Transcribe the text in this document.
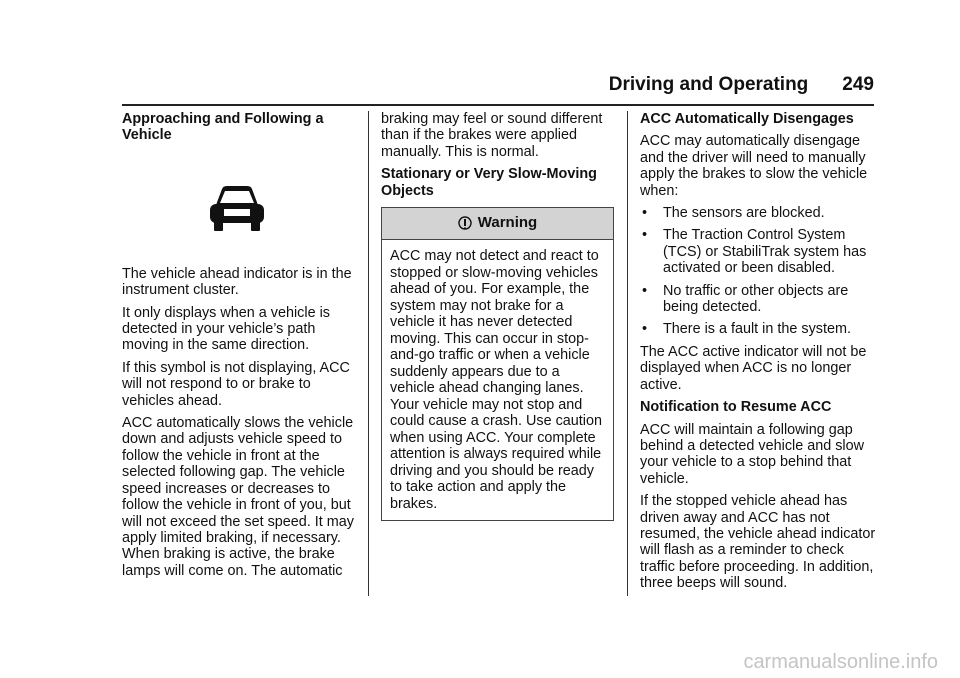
Driving and Operating 249
Approaching and Following a Vehicle

The vehicle ahead indicator is in the instrument cluster.

It only displays when a vehicle is detected in your vehicle’s path moving in the same direction.

If this symbol is not displaying, ACC will not respond to or brake to vehicles ahead.

ACC automatically slows the vehicle down and adjusts vehicle speed to follow the vehicle in front at the selected following gap. The vehicle speed increases or decreases to follow the vehicle in front of you, but will not exceed the set speed. It may apply limited braking, if necessary. When braking is active, the brake lamps will come on. The automatic

braking may feel or sound different than if the brakes were applied manually. This is normal.

Stationary or Very Slow-Moving Objects
Warning
ACC may not detect and react to stopped or slow-moving vehicles ahead of you. For example, the system may not brake for a vehicle it has never detected moving. This can occur in stop-and-go traffic or when a vehicle suddenly appears due to a vehicle ahead changing lanes. Your vehicle may not stop and could cause a crash. Use caution when using ACC. Your complete attention is always required while driving and you should be ready to take action and apply the brakes.
ACC Automatically Disengages

ACC may automatically disengage and the driver will need to manually apply the brakes to slow the vehicle when:

• The sensors are blocked.
• The Traction Control System (TCS) or StabiliTrak system has activated or been disabled.
• No traffic or other objects are being detected.
• There is a fault in the system.

The ACC active indicator will not be displayed when ACC is no longer active.

Notification to Resume ACC

ACC will maintain a following gap behind a detected vehicle and slow your vehicle to a stop behind that vehicle.

If the stopped vehicle ahead has driven away and ACC has not resumed, the vehicle ahead indicator will flash as a reminder to check traffic before proceeding. In addition, three beeps will sound.

carmanualsonline.info
